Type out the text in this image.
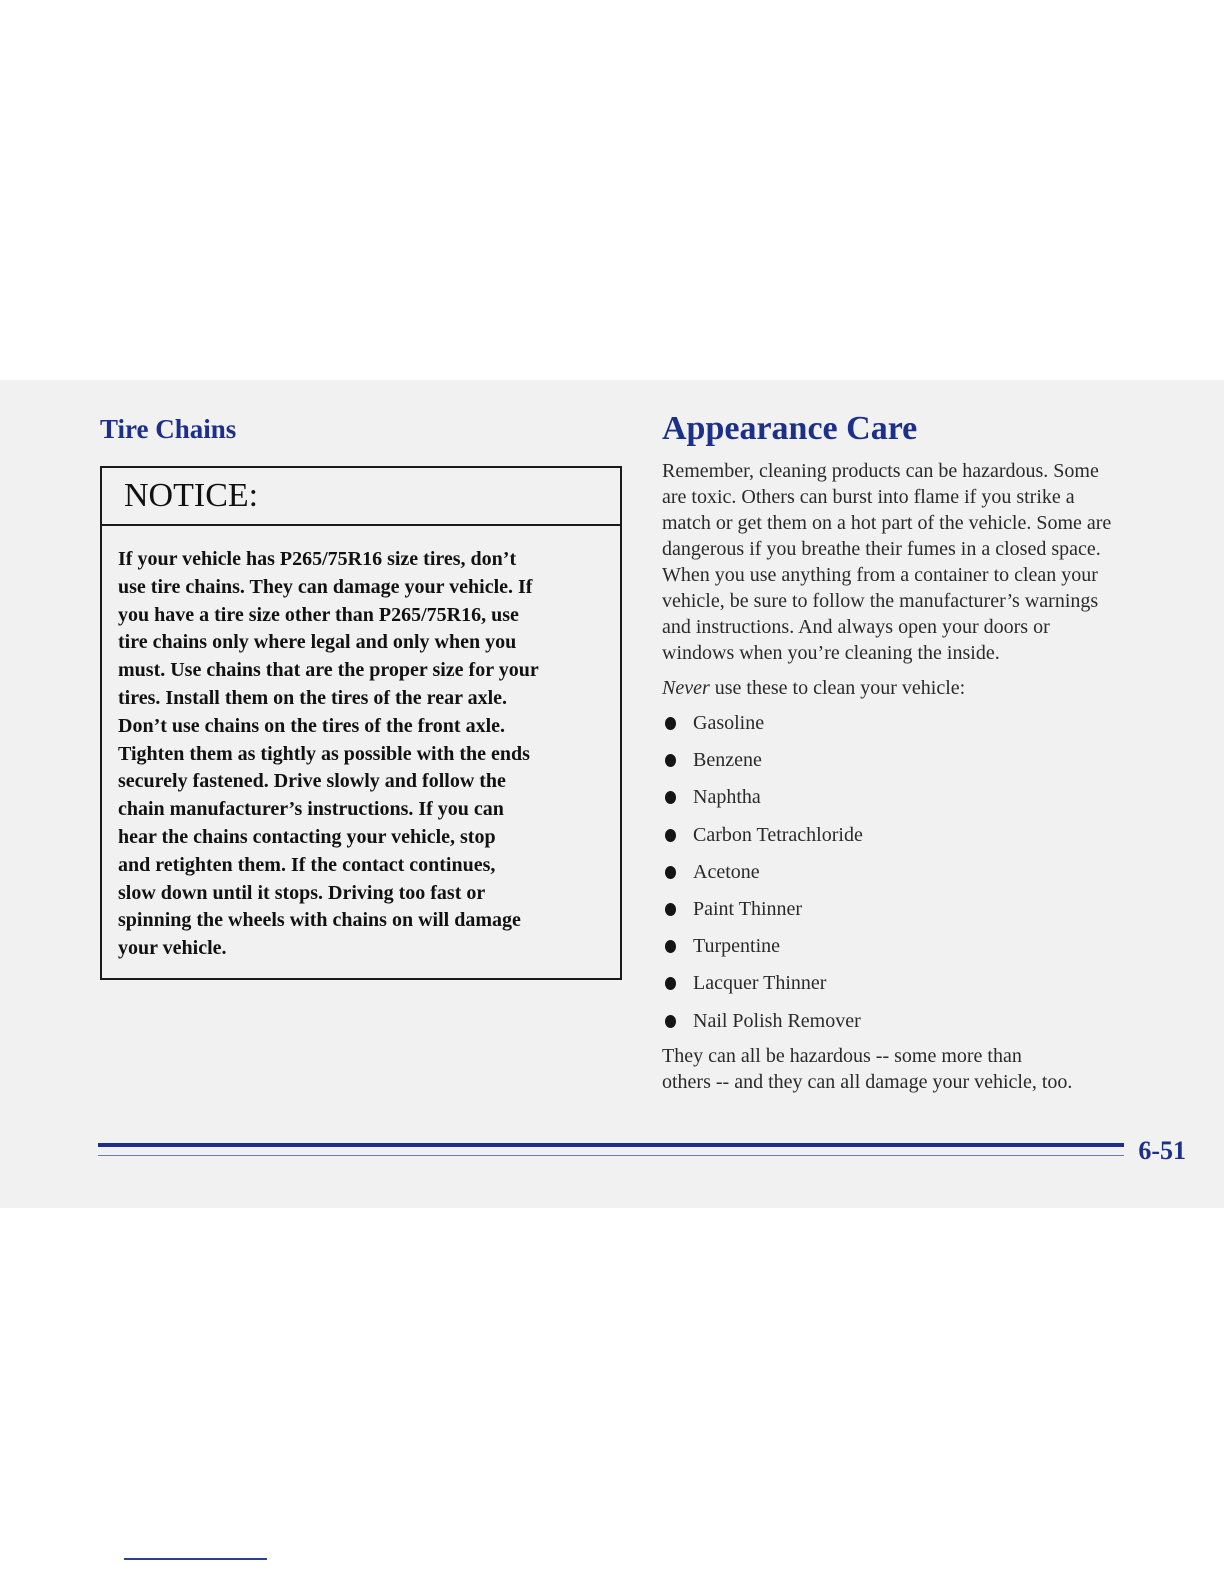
Tire Chains
NOTICE:
If your vehicle has P265/75R16 size tires, don’t
use tire chains. They can damage your vehicle. If
you have a tire size other than P265/75R16, use
tire chains only where legal and only when you
must. Use chains that are the proper size for your
tires. Install them on the tires of the rear axle.
Don’t use chains on the tires of the front axle.
Tighten them as tightly as possible with the ends
securely fastened. Drive slowly and follow the
chain manufacturer’s instructions. If you can
hear the chains contacting your vehicle, stop
and retighten them. If the contact continues,
slow down until it stops. Driving too fast or
spinning the wheels with chains on will damage
your vehicle.
Appearance Care
Remember, cleaning products can be hazardous. Some
are toxic. Others can burst into flame if you strike a
match or get them on a hot part of the vehicle. Some are
dangerous if you breathe their fumes in a closed space.
When you use anything from a container to clean your
vehicle, be sure to follow the manufacturer’s warnings
and instructions. And always open your doors or
windows when you’re cleaning the inside.
Never use these to clean your vehicle:
Gasoline
Benzene
Naphtha
Carbon Tetrachloride
Acetone
Paint Thinner
Turpentine
Lacquer Thinner
Nail Polish Remover
They can all be hazardous -- some more than
others -- and they can all damage your vehicle, too.
6-51
